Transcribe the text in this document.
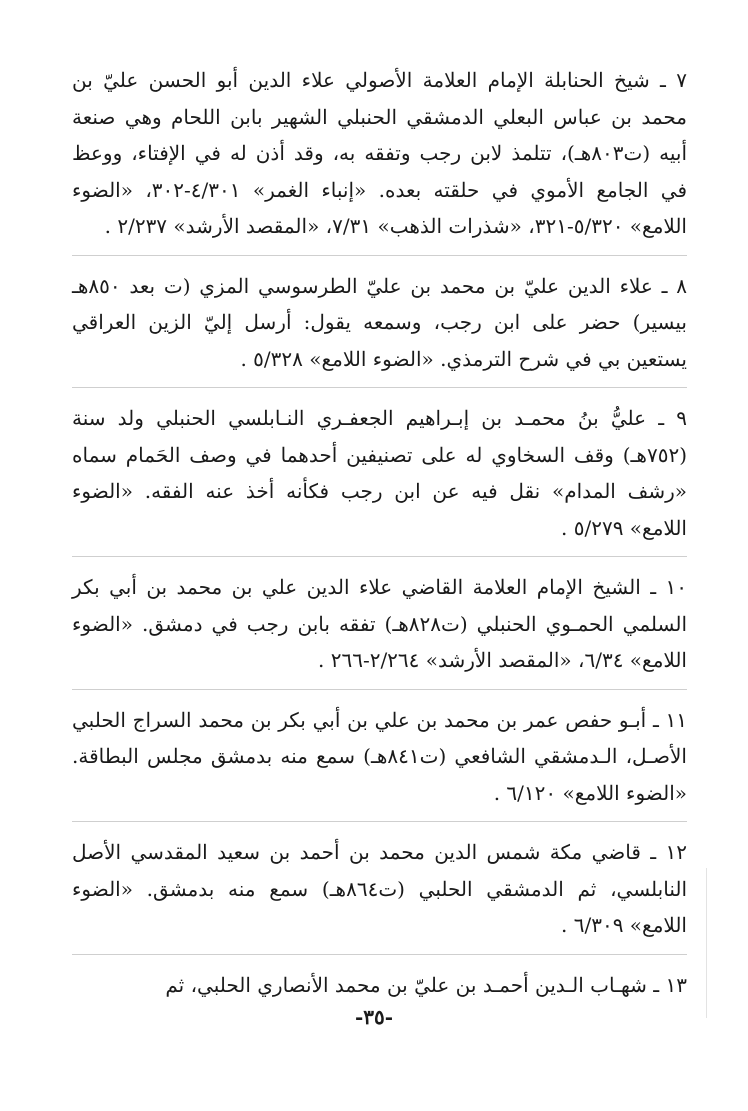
٧ ـ شيخ الحنابلة الإمام العلامة الأصولي علاء الدين أبو الحسن عليّ بن محمد بن عباس البعلي الدمشقي الحنبلي الشهير بابن اللحام وهي صنعة أبيه (ت٨٠٣هـ)، تتلمذ لابن رجب وتفقه به، وقد أذن له في الإفتاء، ووعظ في الجامع الأموي في حلقته بعده. «إنباء الغمر» ٤/٣٠١-٣٠٢، «الضوء اللامع» ٥/٣٢٠-٣٢١، «شذرات الذهب» ٧/٣١، «المقصد الأرشد» ٢/٢٣٧ .

٨ ـ علاء الدين عليّ بن محمد بن عليّ الطرسوسي المزي (ت بعد ٨٥٠هـ بيسير) حضر على ابن رجب، وسمعه يقول: أرسل إليّ الزين العراقي يستعين بي في شرح الترمذي. «الضوء اللامع» ٥/٣٢٨ .

٩ ـ عليُّ بنُ محمـد بن إبـراهيم الجعفـري النـابلسي الحنبلي ولد سنة (٧٥٢هـ) وقف السخاوي له على تصنيفين أحدهما في وصف الحَمام سماه «رشف المدام» نقل فيه عن ابن رجب فكأنه أخذ عنه الفقه. «الضوء اللامع» ٥/٢٧٩ .

١٠ ـ الشيخ الإمام العلامة القاضي علاء الدين علي بن محمد بن أبي بكر السلمي الحمـوي الحنبلي (ت٨٢٨هـ) تفقه بابن رجب في دمشق. «الضوء اللامع» ٦/٣٤، «المقصد الأرشد» ٢/٢٦٤-٢٦٦ .

١١ ـ أبـو حفص عمر بن محمد بن علي بن أبي بكر بن محمد السراج الحلبي الأصـل، الـدمشقي الشافعي (ت٨٤١هـ) سمع منه بدمشق مجلس البطاقة. «الضوء اللامع» ٦/١٢٠ .

١٢ ـ قاضي مكة شمس الدين محمد بن أحمد بن سعيد المقدسي الأصل النابلسي، ثم الدمشقي الحلبي (ت٨٦٤هـ) سمع منه بدمشق. «الضوء اللامع» ٦/٣٠٩ .

١٣ ـ شهـاب الـدين أحمـد بن عليّ بن محمد الأنصاري الحلبي، ثم

-٣٥-
